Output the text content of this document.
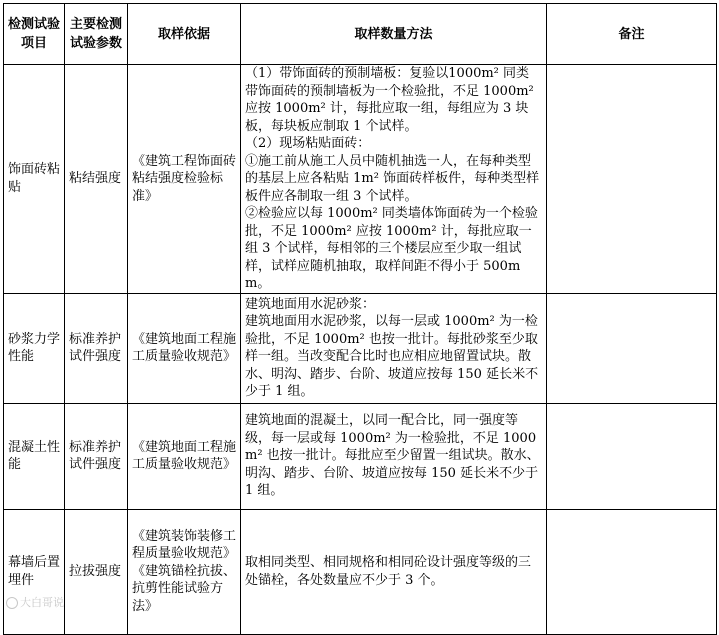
检测试验项目	主要检测试验参数	取样依据	取样数量方法	备注
饰面砖粘贴	粘结强度	《建筑工程饰面砖粘结强度检验标准》	（1）带饰面砖的预制墙板：复验以1000m² 同类带饰面砖的预制墙板为一个检验批，不足 1000m² 应按 1000m² 计，每批应取一组，每组应为 3 块板，每块板应制取 1 个试样。
（2）现场粘贴面砖：
①施工前从施工人员中随机抽选一人，在每种类型的基层上应各粘贴 1m² 饰面砖样板件，每种类型样板件应各制取一组 3 个试样。
②检验应以每 1000m² 同类墙体饰面砖为一个检验批，不足 1000m² 应按 1000m² 计，每批应取一组 3 个试样，每相邻的三个楼层应至少取一组试样，试样应随机抽取，取样间距不得小于 500mm。	

砂浆力学性能	标准养护试件强度	《建筑地面工程施工质量验收规范》	建筑地面用水泥砂浆：
建筑地面用水泥砂浆，以每一层或 1000m² 为一检验批，不足 1000m² 也按一批计。每批砂浆至少取样一组。当改变配合比时也应相应地留置试块。散水、明沟、踏步、台阶、坡道应按每 150 延长米不少于 1 组。	

混凝土性能	标准养护试件强度	《建筑地面工程施工质量验收规范》	建筑地面的混凝土，以同一配合比，同一强度等级，每一层或每 1000m² 为一检验批，不足 1000m² 也按一批计。每批应至少留置一组试块。散水、明沟、踏步、台阶、坡道应按每 150 延长米不少于 1 组。	

幕墙后置埋件	拉拔强度	《建筑装饰装修工程质量验收规范》《建筑锚栓抗拔、抗剪性能试验方法》	取相同类型、相同规格和相同砼设计强度等级的三处锚栓，各处数量应不少于 3 个。	

大白哥说
